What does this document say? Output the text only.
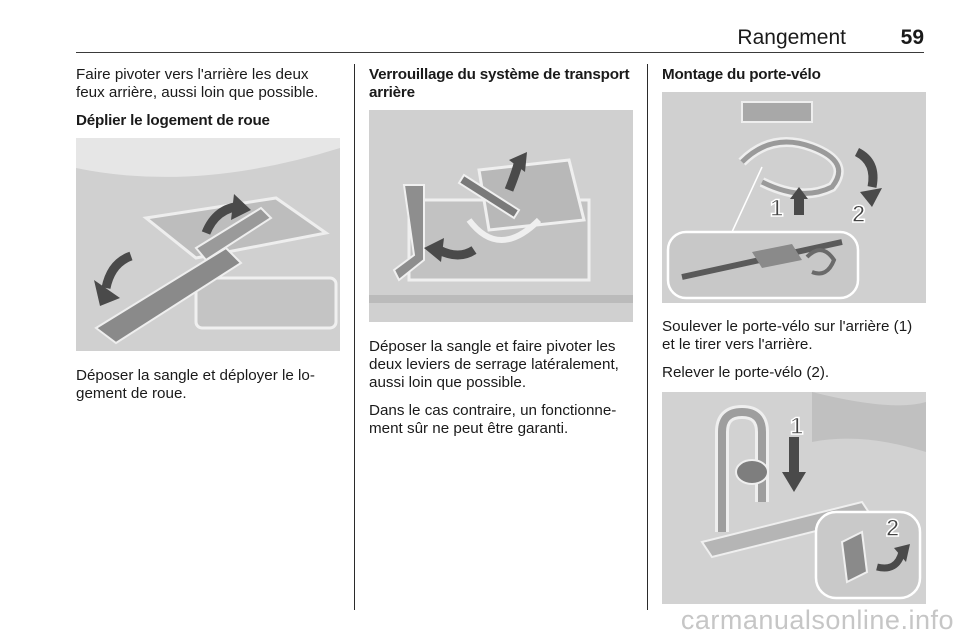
Rangement	59

Faire pivoter vers l'arrière les deux feux arrière, aussi loin que possible.

Déplier le logement de roue

Déposer la sangle et déployer le lo-gement de roue.

Verrouillage du système de transport arrière

Déposer la sangle et faire pivoter les deux leviers de serrage latéralement, aussi loin que possible.

Dans le cas contraire, un fonctionne-ment sûr ne peut être garanti.

Montage du porte-vélo
1	2

Soulever le porte-vélo sur l'arrière (1) et le tirer vers l'arrière.

Relever le porte-vélo (2).

1
2
carmanualsonline.info
